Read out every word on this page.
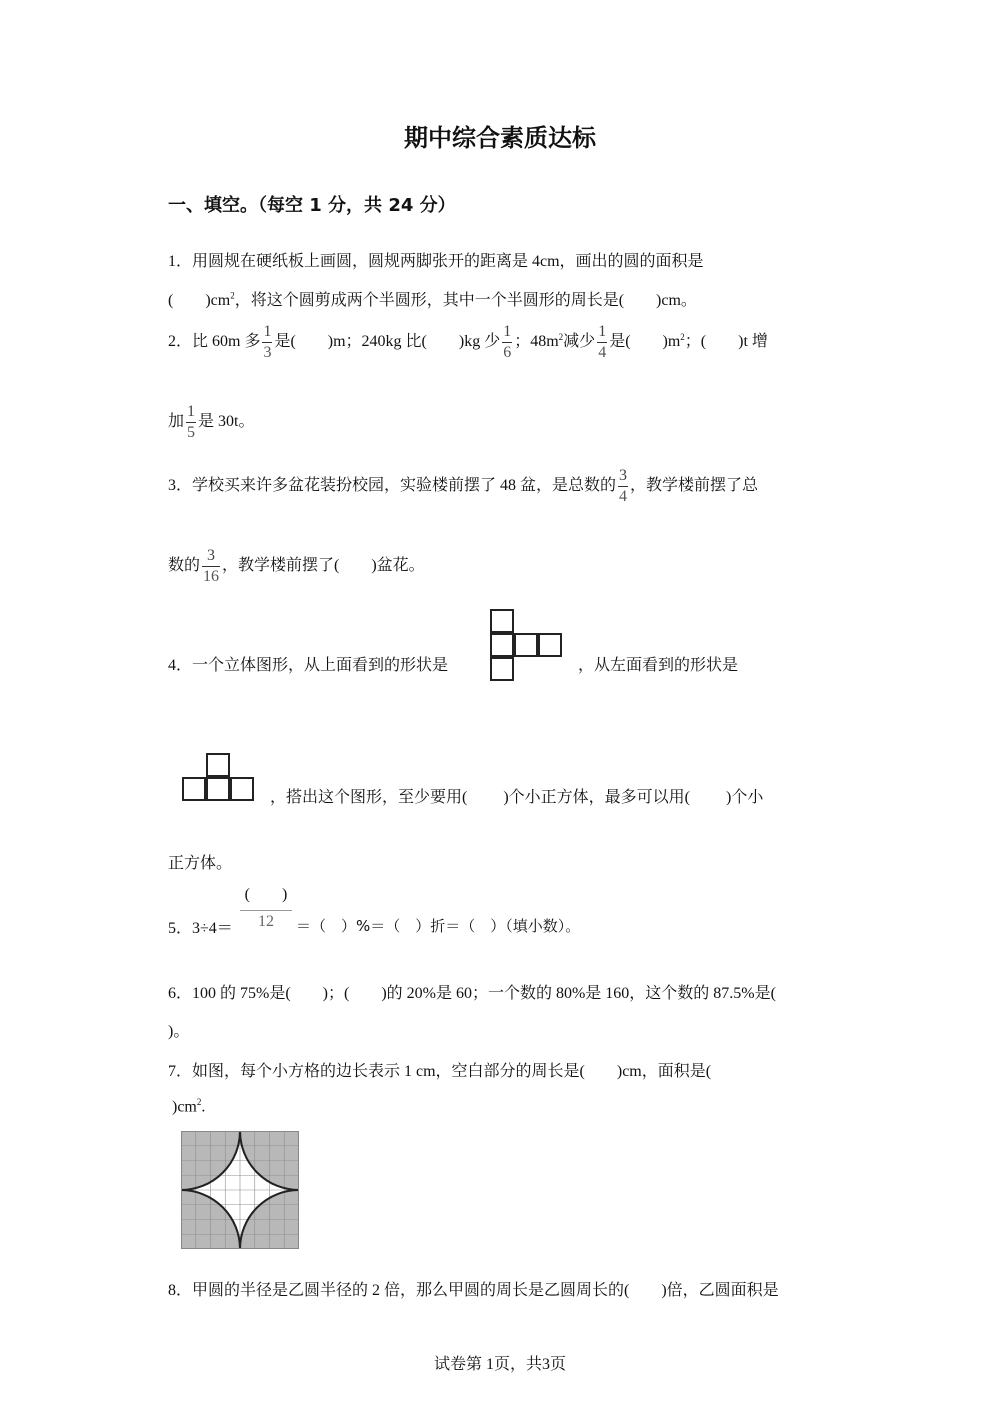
期中综合素质达标
一、填空。（每空 1 分，共 24 分）
1．用圆规在硬纸板上画圆，圆规两脚张开的距离是 4cm，画出的圆的面积是
(　　)$cm^2$，将这个圆剪成两个半圆形，其中一个半圆形的周长是(　　)cm。
2．比 60m 多 $\frac{1}{3}$ 是(　　)m；240kg 比(　　)kg 少 $\frac{1}{6}$ ；$48m^2$减少 $\frac{1}{4}$ 是(　　)$m^2$；(　　)t 增
加 $\frac{1}{5}$ 是 30t。
3．学校买来许多盆花装扮校园，实验楼前摆了 48 盆，是总数的 $\frac{3}{4}$ ，教学楼前摆了总
数的 $\frac{3}{16}$ ，教学楼前摆了(　　)盆花。
4．一个立体图形，从上面看到的形状是	，从左面看到的形状是
，搭出这个图形，至少要用(　　 )个小正方体，最多可以用(　　 )个小
正方体。
5．3÷4＝
(　　)
12	＝（　）%＝（　）折＝（　）（填小数）。
6．100 的 75%是(　　)；(　　)的 20%是 60；一个数的 80%是 160，这个数的 87.5%是(
)。
7．如图，每个小方格的边长表示 1 cm，空白部分的周长是(　　)cm，面积是(
)$cm^2$.
8．甲圆的半径是乙圆半径的 2 倍，那么甲圆的周长是乙圆周长的(　　)倍，乙圆面积是
试卷第 1页，共3页
